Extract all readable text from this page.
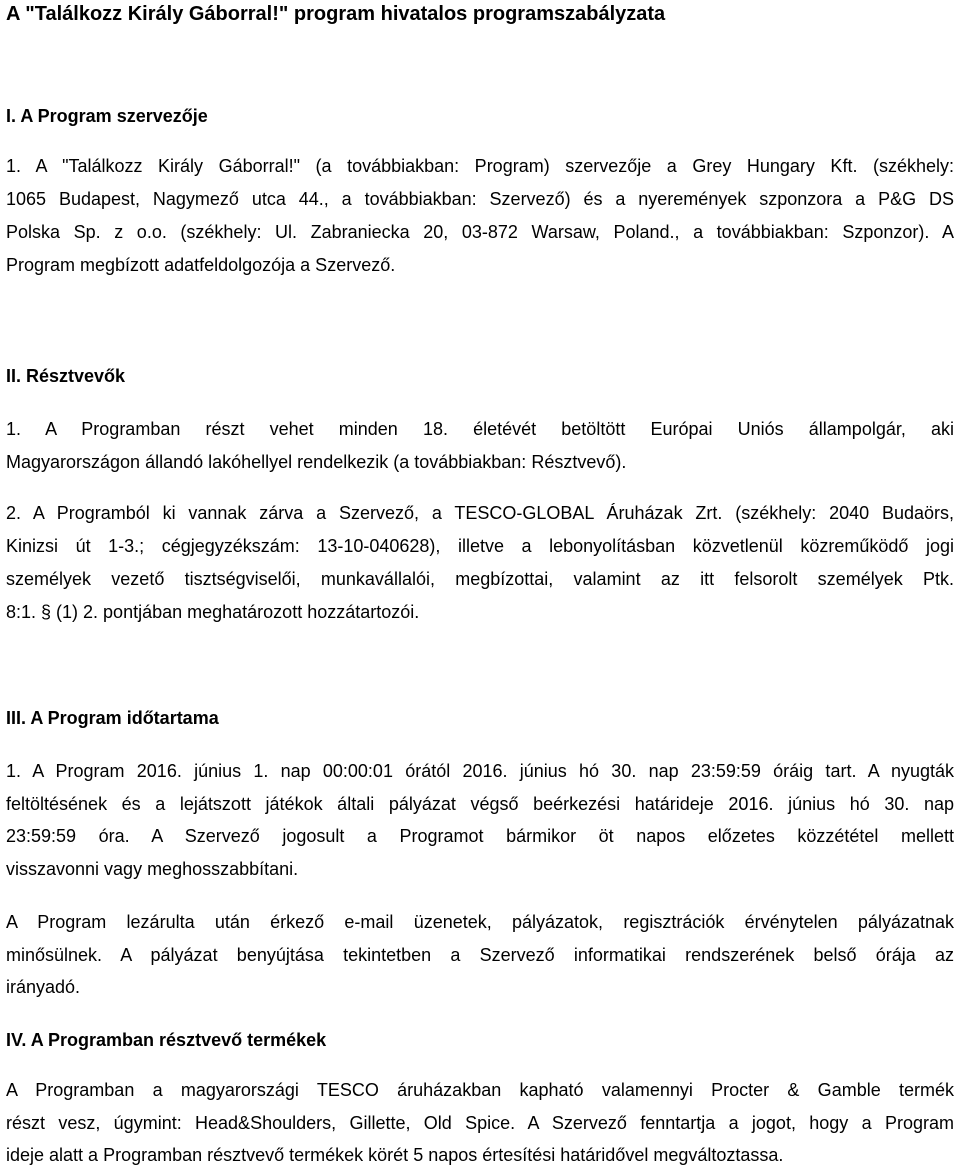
A "Találkozz Király Gáborral!" program hivatalos programszabályzata
I. A Program szervezője
1. A "Találkozz Király Gáborral!" (a továbbiakban: Program) szervezője a Grey Hungary Kft. (székhely:
1065 Budapest, Nagymező utca 44., a továbbiakban: Szervező) és a nyeremények szponzora a P&G DS
Polska Sp. z o.o. (székhely: Ul. Zabraniecka 20, 03-872 Warsaw, Poland., a továbbiakban: Szponzor). A
Program megbízott adatfeldolgozója a Szervező.
II. Résztvevők
1. A Programban részt vehet minden 18. életévét betöltött Európai Uniós állampolgár, aki
Magyarországon állandó lakóhellyel rendelkezik (a továbbiakban: Résztvevő).
2. A Programból ki vannak zárva a Szervező, a TESCO-GLOBAL Áruházak Zrt. (székhely: 2040 Budaörs,
Kinizsi út 1-3.; cégjegyzékszám: 13-10-040628), illetve a lebonyolításban közvetlenül közreműködő jogi
személyek vezető tisztségviselői, munkavállalói, megbízottai, valamint az itt felsorolt személyek Ptk.
8:1. § (1) 2. pontjában meghatározott hozzátartozói.
III. A Program időtartama
1. A Program 2016. június 1. nap 00:00:01 órától 2016. június hó 30. nap 23:59:59 óráig tart. A nyugták
feltöltésének és a lejátszott játékok általi pályázat végső beérkezési határideje 2016. június hó 30. nap
23:59:59 óra. A Szervező jogosult a Programot bármikor öt napos előzetes közzététel mellett
visszavonni vagy meghosszabbítani.
A Program lezárulta után érkező e-mail üzenetek, pályázatok, regisztrációk érvénytelen pályázatnak
minősülnek. A pályázat benyújtása tekintetben a Szervező informatikai rendszerének belső órája az
irányadó.
IV. A Programban résztvevő termékek
A Programban a magyarországi TESCO áruházakban kapható valamennyi Procter & Gamble termék
részt vesz, úgymint: Head&Shoulders, Gillette, Old Spice. A Szervező fenntartja a jogot, hogy a Program
ideje alatt a Programban résztvevő termékek körét 5 napos értesítési határidővel megváltoztassa.
